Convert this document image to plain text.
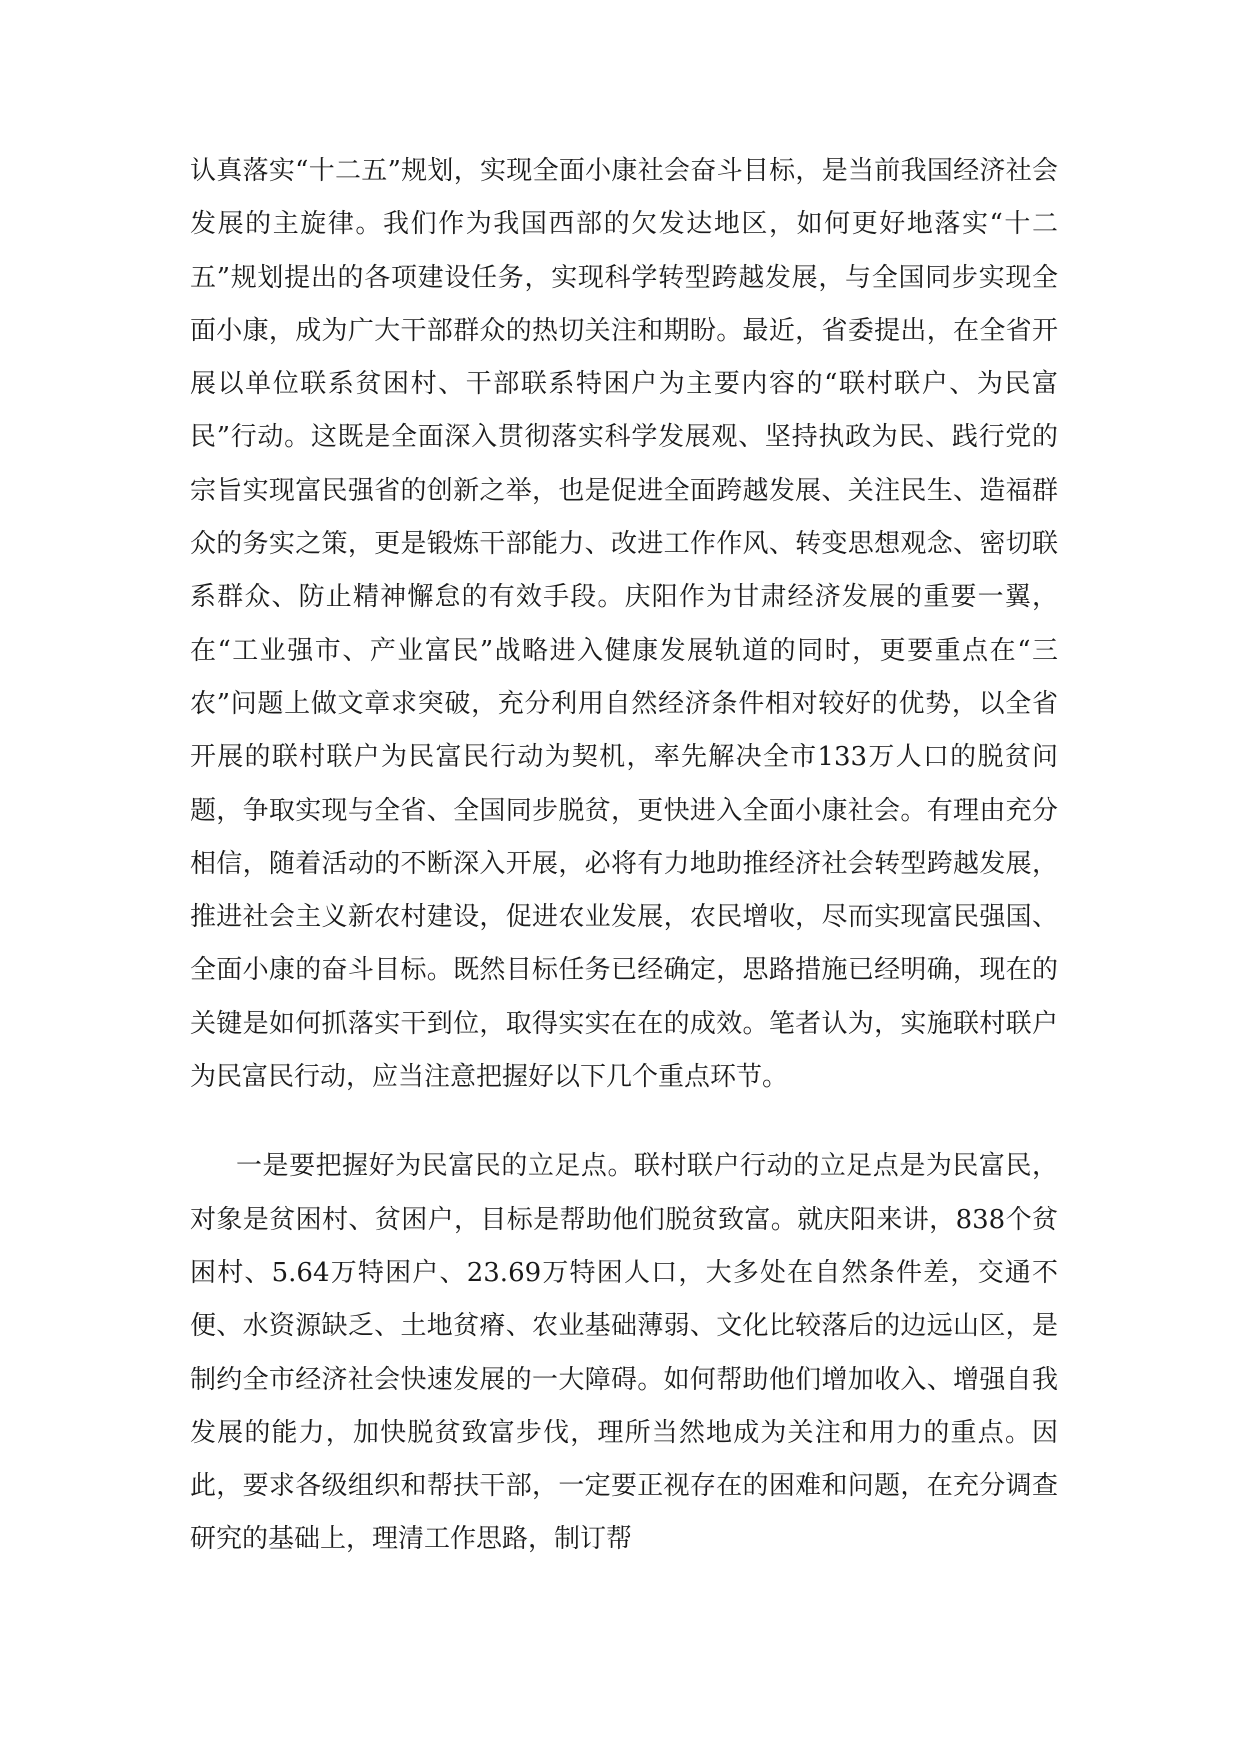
认真落实“十二五”规划，实现全面小康社会奋斗目标，是当前我国经济社会发展的主旋律。我们作为我国西部的欠发达地区，如何更好地落实“十二五”规划提出的各项建设任务，实现科学转型跨越发展，与全国同步实现全面小康，成为广大干部群众的热切关注和期盼。最近，省委提出，在全省开展以单位联系贫困村、干部联系特困户为主要内容的“联村联户、为民富民”行动。这既是全面深入贯彻落实科学发展观、坚持执政为民、践行党的宗旨实现富民强省的创新之举，也是促进全面跨越发展、关注民生、造福群众的务实之策，更是锻炼干部能力、改进工作作风、转变思想观念、密切联系群众、防止精神懈怠的有效手段。庆阳作为甘肃经济发展的重要一翼，在“工业强市、产业富民”战略进入健康发展轨道的同时，更要重点在“三农”问题上做文章求突破，充分利用自然经济条件相对较好的优势，以全省开展的联村联户为民富民行动为契机，率先解决全市133万人口的脱贫问题，争取实现与全省、全国同步脱贫，更快进入全面小康社会。有理由充分相信，随着活动的不断深入开展，必将有力地助推经济社会转型跨越发展，推进社会主义新农村建设，促进农业发展，农民增收，尽而实现富民强国、全面小康的奋斗目标。既然目标任务已经确定，思路措施已经明确，现在的关键是如何抓落实干到位，取得实实在在的成效。笔者认为，实施联村联户为民富民行动，应当注意把握好以下几个重点环节。

一是要把握好为民富民的立足点。联村联户行动的立足点是为民富民，对象是贫困村、贫困户，目标是帮助他们脱贫致富。就庆阳来讲，838个贫困村、5.64万特困户、23.69万特困人口，大多处在自然条件差，交通不便、水资源缺乏、土地贫瘠、农业基础薄弱、文化比较落后的边远山区，是制约全市经济社会快速发展的一大障碍。如何帮助他们增加收入、增强自我发展的能力，加快脱贫致富步伐，理所当然地成为关注和用力的重点。因此，要求各级组织和帮扶干部，一定要正视存在的困难和问题，在充分调查研究的基础上，理清工作思路，制订帮
